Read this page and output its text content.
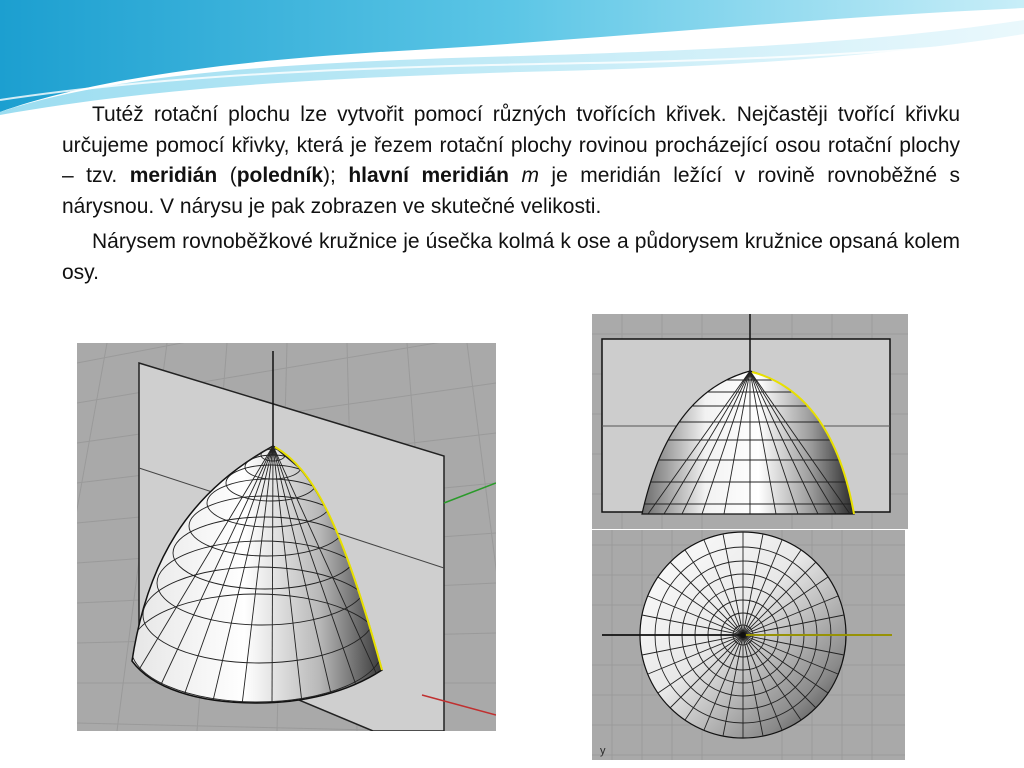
Tutéž rotační plochu lze vytvořit pomocí různých tvořících křivek. Nejčastěji tvořící křivku určujeme pomocí křivky, která je řezem rotační plochy rovinou procházející osou rotační plochy – tzv. meridián (poledník); hlavní meridián m je meridián ležící v rovině rovnoběžné s nárysnou. V nárysu je pak zobrazen ve skutečné velikosti.

Nárysem rovnoběžkové kružnice je úsečka kolmá k ose a půdorysem kružnice opsaná kolem osy.

y
